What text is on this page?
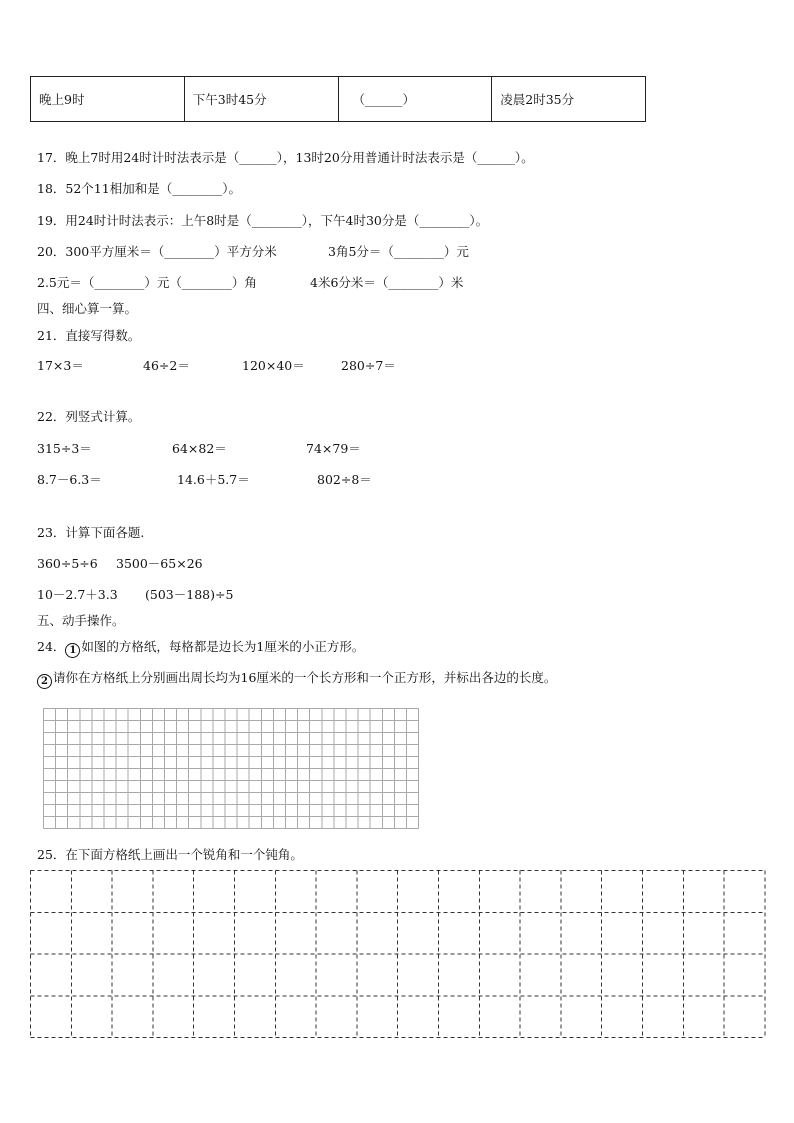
晚上9时	下午3时45分	（______）	凌晨2时35分
17．晚上7时用24时计时法表示是（______），13时20分用普通计时法表示是（______）。
18．52个11相加和是（________）。
19．用24时计时法表示：上午8时是（________），下午4时30分是（________）。
20．300平方厘米＝（________）平方分米	3角5分＝（________）元
2.5元＝（________）元（________）角	4米6分米＝（________）米
四、细心算一算。
21．直接写得数。
17×3＝	46÷2＝	120×40＝	280÷7＝
22．列竖式计算。
315÷3＝	64×82＝	74×79＝
8.7－6.3＝	14.6＋5.7＝	802÷8＝
23．计算下面各题.
360÷5÷6 3500－65×26
10－2.7＋3.3 (503－188)÷5
五、动手操作。
24． 1 如图的方格纸，每格都是边长为1厘米的小正方形。
2 请你在方格纸上分别画出周长均为16厘米的一个长方形和一个正方形，并标出各边的长度。
25．在下面方格纸上画出一个锐角和一个钝角。
